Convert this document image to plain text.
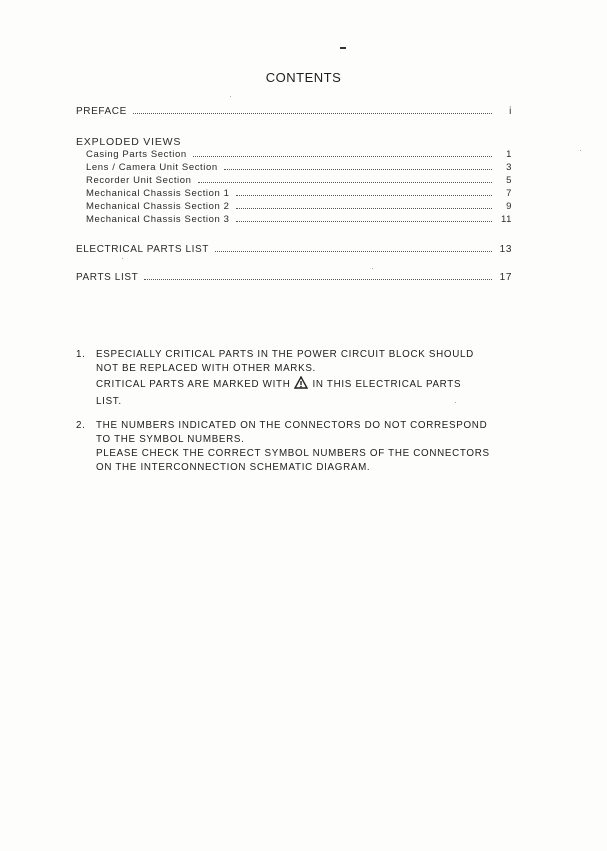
CONTENTS
PREFACE	i
EXPLODED VIEWS
Casing Parts Section	1
Lens / Camera Unit Section	3
Recorder Unit Section	5
Mechanical Chassis Section 1	7
Mechanical Chassis Section 2	9
Mechanical Chassis Section 3	11
ELECTRICAL PARTS LIST	13
PARTS LIST	17
1.	ESPECIALLY CRITICAL PARTS IN THE POWER CIRCUIT BLOCK SHOULD
NOT BE REPLACED WITH OTHER MARKS.
CRITICAL PARTS ARE MARKED WITH IN THIS ELECTRICAL PARTS
LIST.
2.	THE NUMBERS INDICATED ON THE CONNECTORS DO NOT CORRESPOND
TO THE SYMBOL NUMBERS.
PLEASE CHECK THE CORRECT SYMBOL NUMBERS OF THE CONNECTORS
ON THE INTERCONNECTION SCHEMATIC DIAGRAM.
